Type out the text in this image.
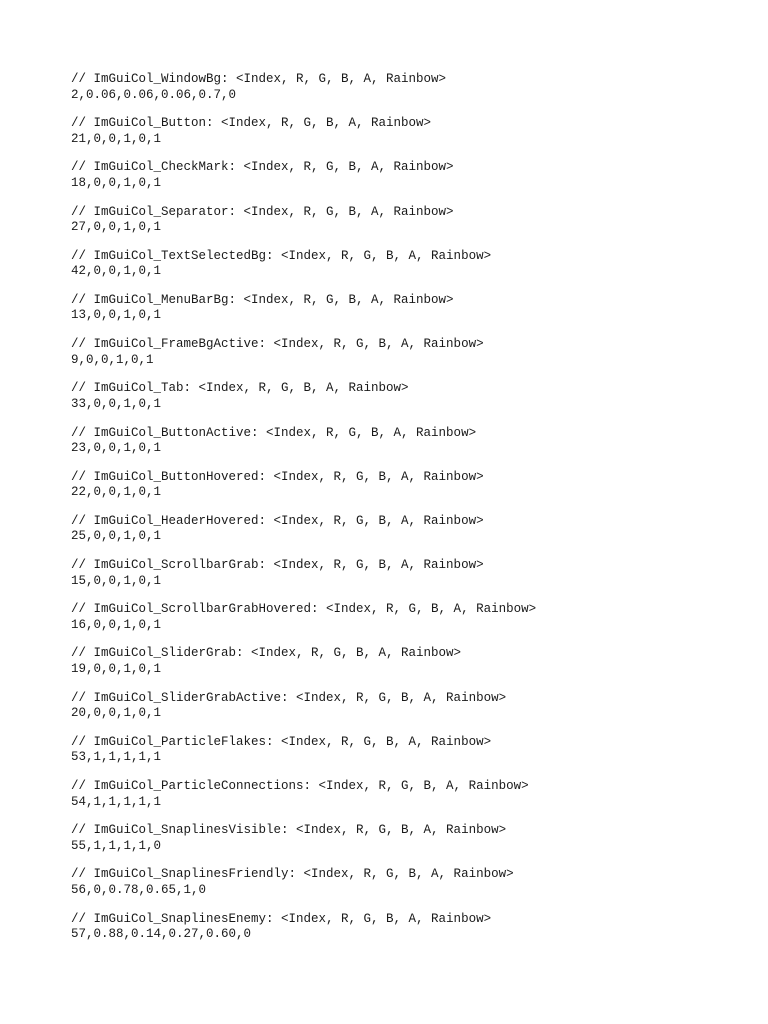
// ImGuiCol_WindowBg: <Index, R, G, B, A, Rainbow>
2,0.06,0.06,0.06,0.7,0
// ImGuiCol_Button: <Index, R, G, B, A, Rainbow>
21,0,0,1,0,1
// ImGuiCol_CheckMark: <Index, R, G, B, A, Rainbow>
18,0,0,1,0,1
// ImGuiCol_Separator: <Index, R, G, B, A, Rainbow>
27,0,0,1,0,1
// ImGuiCol_TextSelectedBg: <Index, R, G, B, A, Rainbow>
42,0,0,1,0,1
// ImGuiCol_MenuBarBg: <Index, R, G, B, A, Rainbow>
13,0,0,1,0,1
// ImGuiCol_FrameBgActive: <Index, R, G, B, A, Rainbow>
9,0,0,1,0,1
// ImGuiCol_Tab: <Index, R, G, B, A, Rainbow>
33,0,0,1,0,1
// ImGuiCol_ButtonActive: <Index, R, G, B, A, Rainbow>
23,0,0,1,0,1
// ImGuiCol_ButtonHovered: <Index, R, G, B, A, Rainbow>
22,0,0,1,0,1
// ImGuiCol_HeaderHovered: <Index, R, G, B, A, Rainbow>
25,0,0,1,0,1
// ImGuiCol_ScrollbarGrab: <Index, R, G, B, A, Rainbow>
15,0,0,1,0,1
// ImGuiCol_ScrollbarGrabHovered: <Index, R, G, B, A, Rainbow>
16,0,0,1,0,1
// ImGuiCol_SliderGrab: <Index, R, G, B, A, Rainbow>
19,0,0,1,0,1
// ImGuiCol_SliderGrabActive: <Index, R, G, B, A, Rainbow>
20,0,0,1,0,1
// ImGuiCol_ParticleFlakes: <Index, R, G, B, A, Rainbow>
53,1,1,1,1,1
// ImGuiCol_ParticleConnections: <Index, R, G, B, A, Rainbow>
54,1,1,1,1,1
// ImGuiCol_SnaplinesVisible: <Index, R, G, B, A, Rainbow>
55,1,1,1,1,0
// ImGuiCol_SnaplinesFriendly: <Index, R, G, B, A, Rainbow>
56,0,0.78,0.65,1,0
// ImGuiCol_SnaplinesEnemy: <Index, R, G, B, A, Rainbow>
57,0.88,0.14,0.27,0.60,0
